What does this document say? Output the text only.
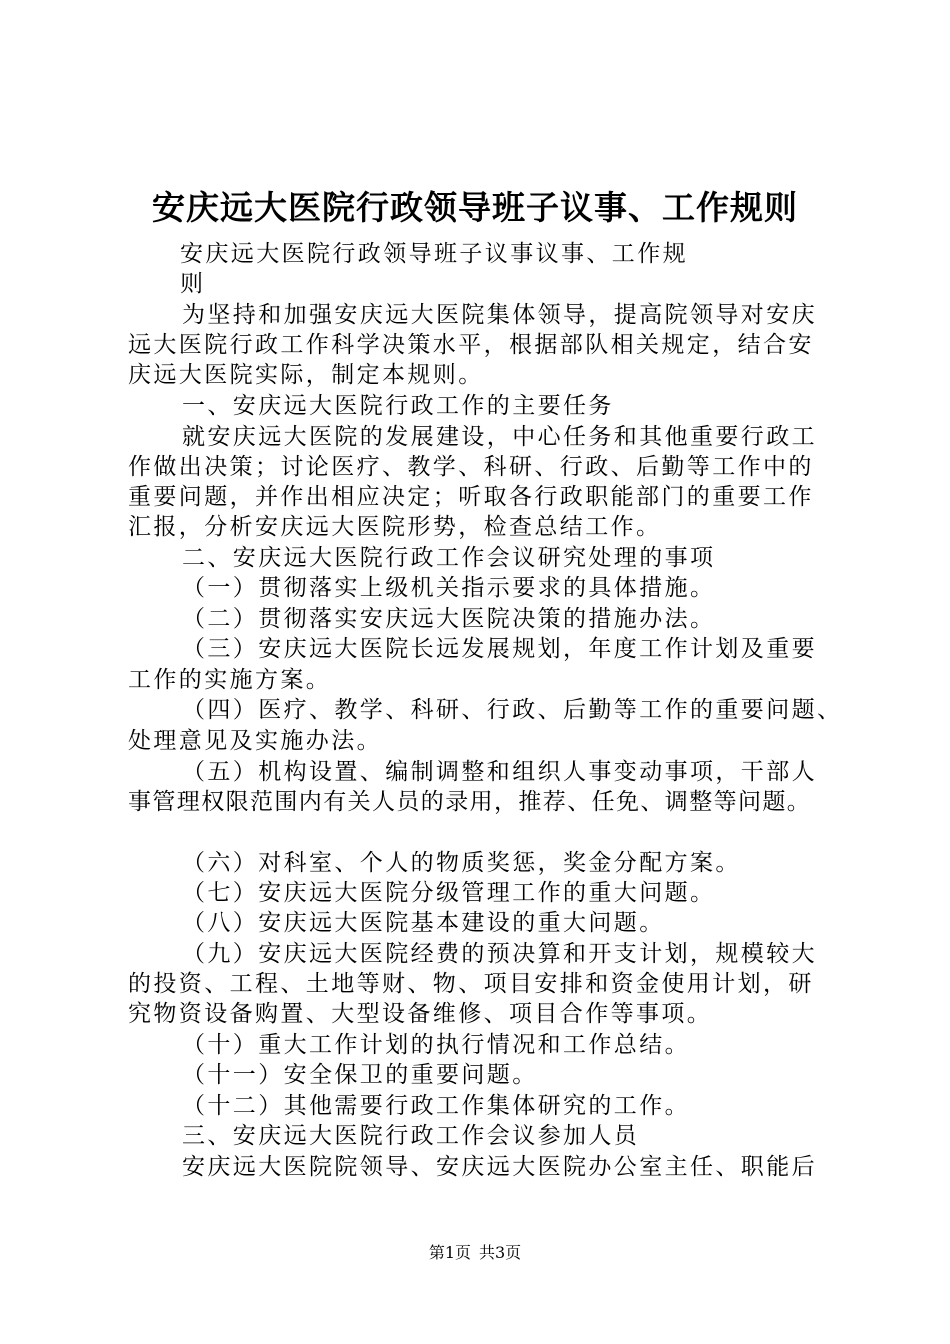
安庆远大医院行政领导班子议事、工作规则
安庆远大医院行政领导班子议事议事、工作规
则
为坚持和加强安庆远大医院集体领导，提高院领导对安庆
远大医院行政工作科学决策水平，根据部队相关规定，结合安
庆远大医院实际，制定本规则。
一、安庆远大医院行政工作的主要任务
就安庆远大医院的发展建设，中心任务和其他重要行政工
作做出决策；讨论医疗、教学、科研、行政、后勤等工作中的
重要问题，并作出相应决定；听取各行政职能部门的重要工作
汇报，分析安庆远大医院形势，检查总结工作。
二、安庆远大医院行政工作会议研究处理的事项
（一）贯彻落实上级机关指示要求的具体措施。
（二）贯彻落实安庆远大医院决策的措施办法。
（三）安庆远大医院长远发展规划，年度工作计划及重要
工作的实施方案。
（四）医疗、教学、科研、行政、后勤等工作的重要问题、
处理意见及实施办法。
（五）机构设置、编制调整和组织人事变动事项，干部人
事管理权限范围内有关人员的录用，推荐、任免、调整等问题。
（六）对科室、个人的物质奖惩，奖金分配方案。
（七）安庆远大医院分级管理工作的重大问题。
（八）安庆远大医院基本建设的重大问题。
（九）安庆远大医院经费的预决算和开支计划，规模较大
的投资、工程、土地等财、物、项目安排和资金使用计划，研
究物资设备购置、大型设备维修、项目合作等事项。
（十）重大工作计划的执行情况和工作总结。
（十一）安全保卫的重要问题。
（十二）其他需要行政工作集体研究的工作。
三、安庆远大医院行政工作会议参加人员
安庆远大医院院领导、安庆远大医院办公室主任、职能后
第1页 共3页
